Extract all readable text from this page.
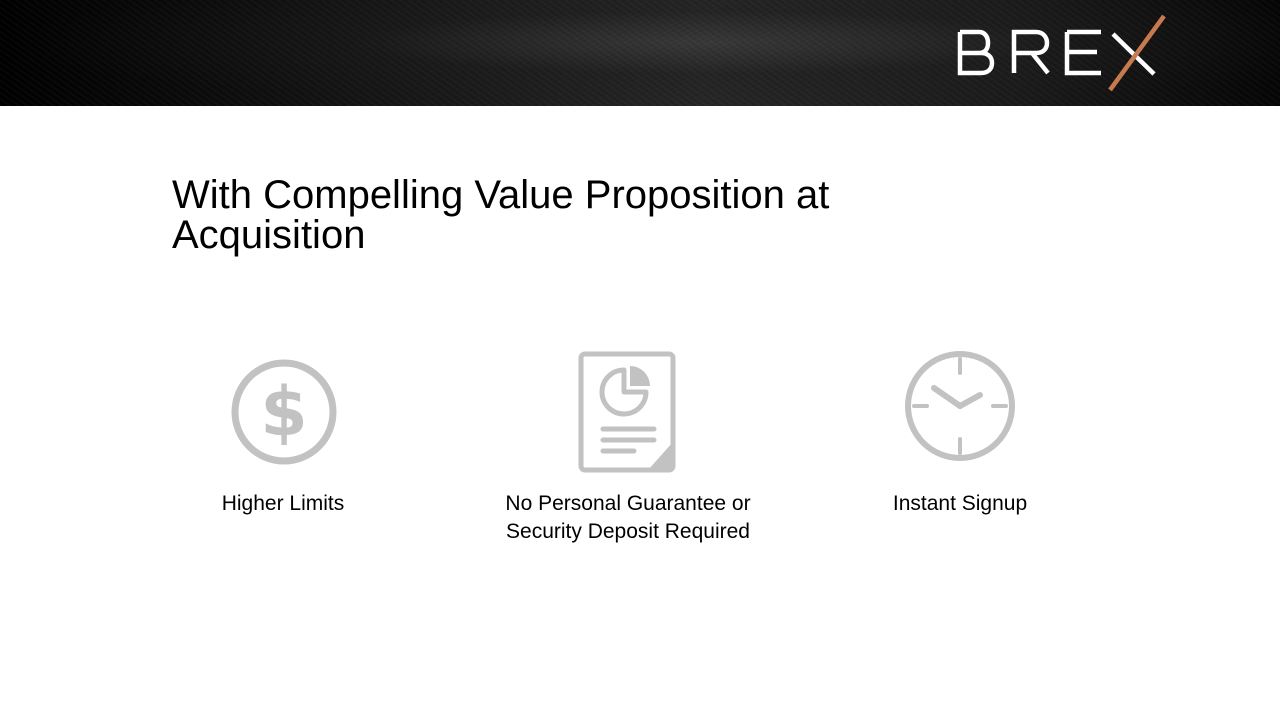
With Compelling Value Proposition at Acquisition
$
Higher Limits	No Personal Guarantee or Security Deposit Required
Instant Signup
